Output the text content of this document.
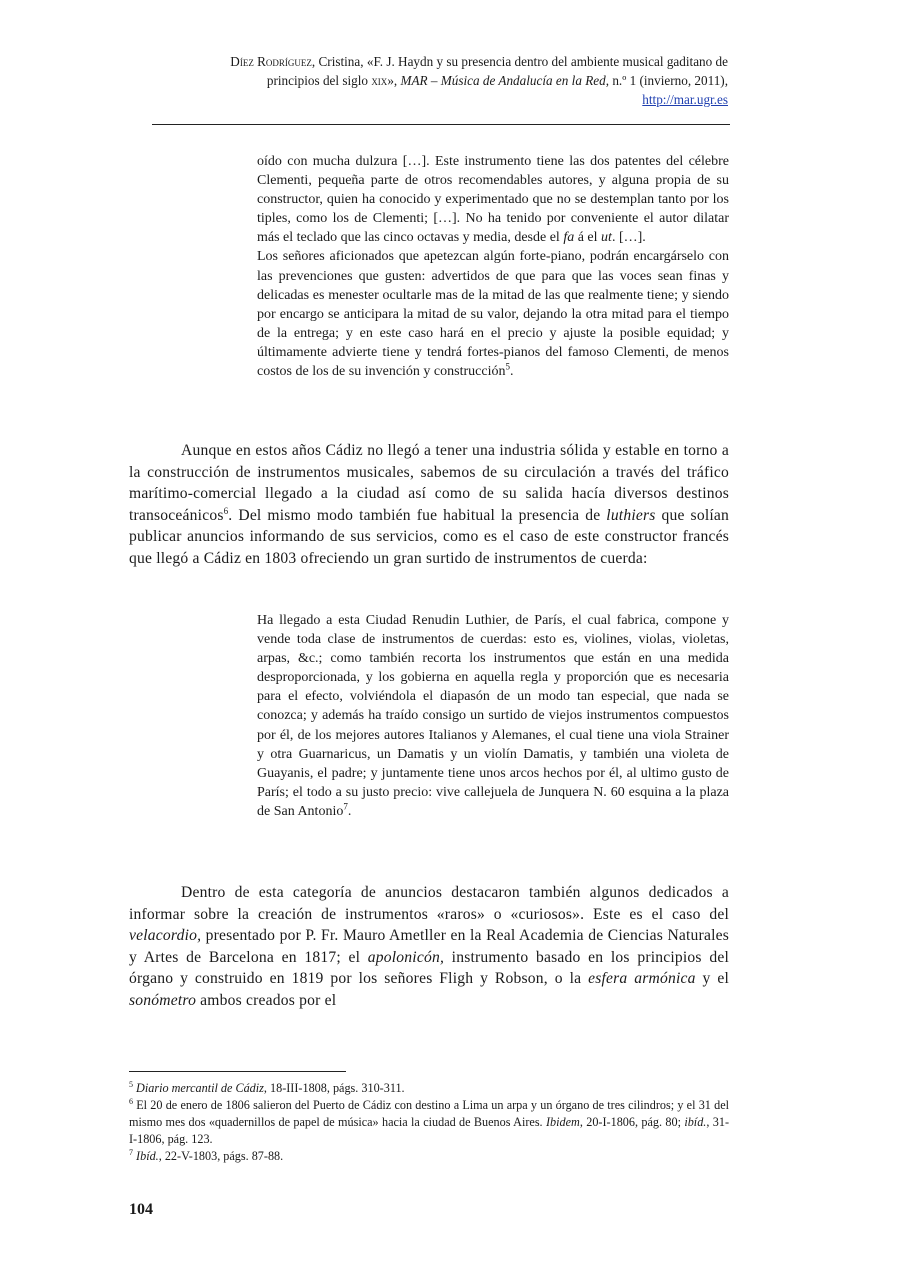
Díez Rodríguez, Cristina, «F. J. Haydn y su presencia dentro del ambiente musical gaditano de
principios del siglo xix», MAR – Música de Andalucía en la Red, n.º 1 (invierno, 2011),
http://mar.ugr.es

oído con mucha dulzura […]. Este instrumento tiene las dos patentes del célebre Clementi, pequeña parte de otros recomendables autores, y alguna propia de su constructor, quien ha conocido y experimentado que no se destemplan tanto por los tiples, como los de Clementi; […]. No ha tenido por conveniente el autor dilatar más el teclado que las cinco octavas y media, desde el fa á el ut. […].

Los señores aficionados que apetezcan algún forte-piano, podrán encargárselo con las prevenciones que gusten: advertidos de que para que las voces sean finas y delicadas es menester ocultarle mas de la mitad de las que realmente tiene; y siendo por encargo se anticipara la mitad de su valor, dejando la otra mitad para el tiempo de la entrega; y en este caso hará en el precio y ajuste la posible equidad; y últimamente advierte tiene y tendrá fortes-pianos del famoso Clementi, de menos costos de los de su invención y construcción$^5$.

Aunque en estos años Cádiz no llegó a tener una industria sólida y estable en torno a la construcción de instrumentos musicales, sabemos de su circulación a través del tráfico marítimo-comercial llegado a la ciudad así como de su salida hacía diversos destinos transoceánicos$^6$. Del mismo modo también fue habitual la presencia de luthiers que solían publicar anuncios informando de sus servicios, como es el caso de este constructor francés que llegó a Cádiz en 1803 ofreciendo un gran surtido de instrumentos de cuerda:

Ha llegado a esta Ciudad Renudin Luthier, de París, el cual fabrica, compone y vende toda clase de instrumentos de cuerdas: esto es, violines, violas, violetas, arpas, &c.; como también recorta los instrumentos que están en una medida desproporcionada, y los gobierna en aquella regla y proporción que es necesaria para el efecto, volviéndola el diapasón de un modo tan especial, que nada se conozca; y además ha traído consigo un surtido de viejos instrumentos compuestos por él, de los mejores autores Italianos y Alemanes, el cual tiene una viola Strainer y otra Guarnaricus, un Damatis y un violín Damatis, y también una violeta de Guayanis, el padre; y juntamente tiene unos arcos hechos por él, al ultimo gusto de París; el todo a su justo precio: vive callejuela de Junquera N. 60 esquina a la plaza de San Antonio$^7$.

Dentro de esta categoría de anuncios destacaron también algunos dedicados a informar sobre la creación de instrumentos «raros» o «curiosos». Este es el caso del velacordio, presentado por P. Fr. Mauro Ametller en la Real Academia de Ciencias Naturales y Artes de Barcelona en 1817; el apolonicón, instrumento basado en los principios del órgano y construido en 1819 por los señores Fligh y Robson, o la esfera armónica y el sonómetro ambos creados por el

$^5$ Diario mercantil de Cádiz, 18-III-1808, págs. 310-311.

$^6$ El 20 de enero de 1806 salieron del Puerto de Cádiz con destino a Lima un arpa y un órgano de tres cilindros; y el 31 del mismo mes dos «quadernillos de papel de música» hacia la ciudad de Buenos Aires. Ibidem, 20-I-1806, pág. 80; ibíd., 31-I-1806, pág. 123.

$^7$ Ibíd., 22-V-1803, págs. 87-88.

104
